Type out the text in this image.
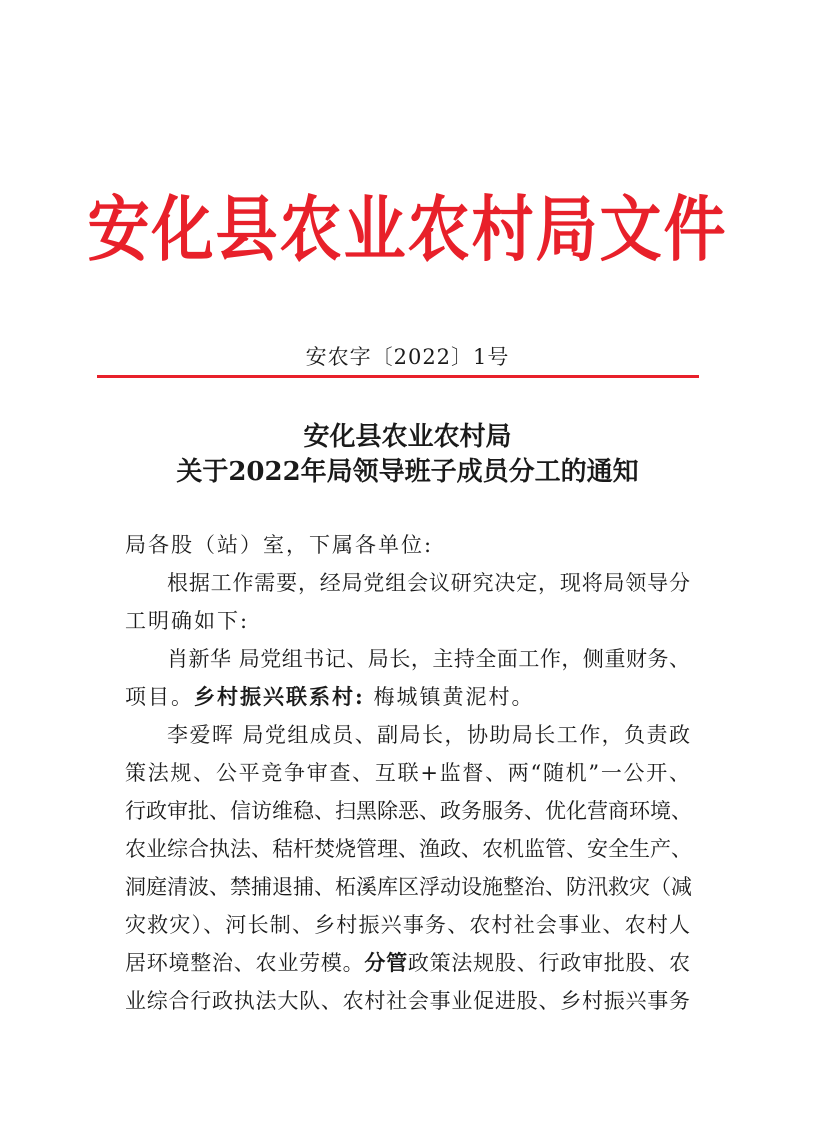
安化县农业农村局文件
安农字〔2022〕1号
安化县农业农村局
关于2022年局领导班子成员分工的通知
局各股（站）室，下属各单位:
根据工作需要，经局党组会议研究决定，现将局领导分
工明确如下:
肖新华 局党组书记、局长，主持全面工作，侧重财务、
项目。乡村振兴联系村: 梅城镇黄泥村。
李爱晖 局党组成员、副局长，协助局长工作，负责政
策法规、公平竞争审查、互联+监督、两“随机”一公开、
行政审批、信访维稳、扫黑除恶、政务服务、优化营商环境、
农业综合执法、秸杆焚烧管理、渔政、农机监管、安全生产、
洞庭清波、禁捕退捕、柘溪库区浮动设施整治、防汛救灾（减
灾救灾）、河长制、乡村振兴事务、农村社会事业、农村人
居环境整治、农业劳模。分管政策法规股、行政审批股、农
业综合行政执法大队、农村社会事业促进股、乡村振兴事务
